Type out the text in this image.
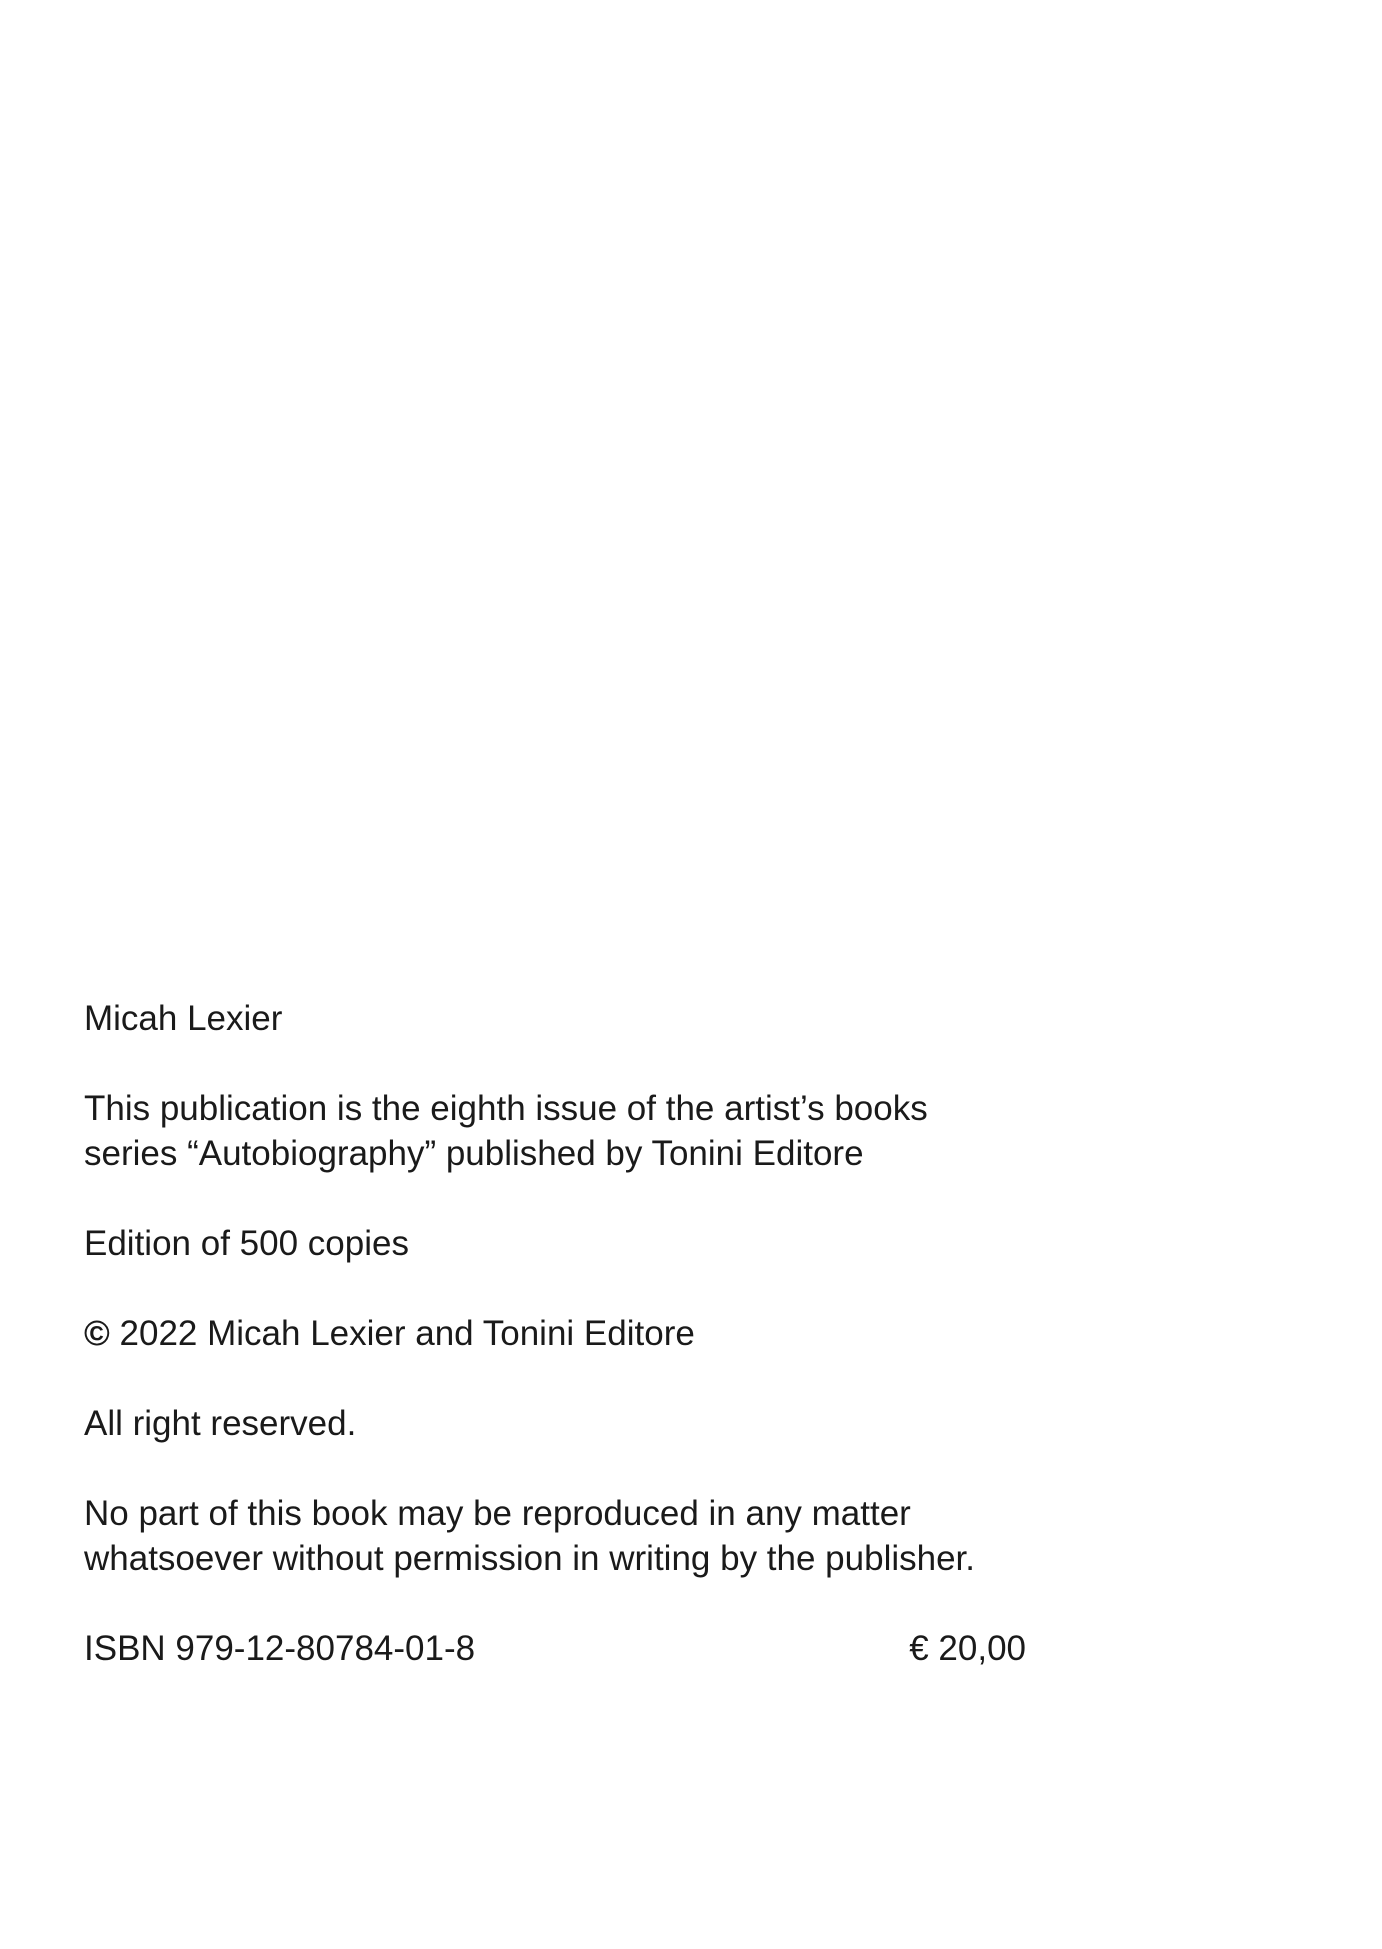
Micah Lexier

This publication is the eighth issue of the artist’s books
series “Autobiography” published by Tonini Editore

Edition of 500 copies

© 2022 Micah Lexier and Tonini Editore

All right reserved.

No part of this book may be reproduced in any matter
whatsoever without permission in writing by the publisher.

ISBN 979-12-80784-01-8	€ 20,00
